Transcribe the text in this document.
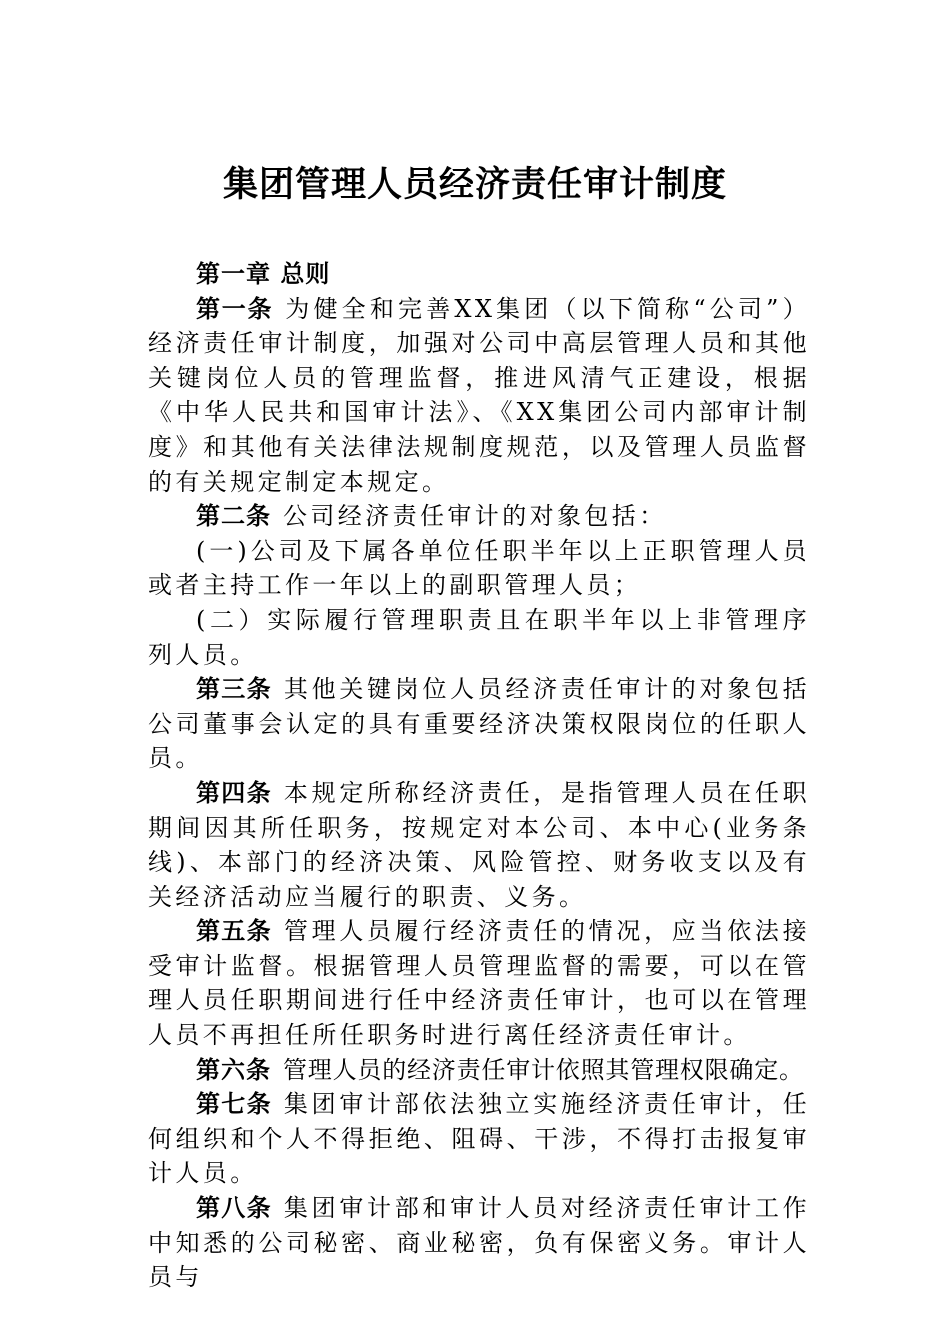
集团管理人员经济责任审计制度

第一章 总则

第一条 为健全和完善XX集团（以下简称“公司”）经济责任审计制度，加强对公司中高层管理人员和其他关键岗位人员的管理监督，推进风清气正建设，根据《中华人民共和国审计法》、《XX集团公司内部审计制度》和其他有关法律法规制度规范，以及管理人员监督的有关规定制定本规定。

第二条 公司经济责任审计的对象包括：

(一)公司及下属各单位任职半年以上正职管理人员或者主持工作一年以上的副职管理人员；

(二）实际履行管理职责且在职半年以上非管理序列人员。

第三条 其他关键岗位人员经济责任审计的对象包括公司董事会认定的具有重要经济决策权限岗位的任职人员。

第四条 本规定所称经济责任，是指管理人员在任职期间因其所任职务，按规定对本公司、本中心(业务条线)、本部门的经济决策、风险管控、财务收支以及有关经济活动应当履行的职责、义务。

第五条 管理人员履行经济责任的情况，应当依法接受审计监督。根据管理人员管理监督的需要，可以在管理人员任职期间进行任中经济责任审计，也可以在管理人员不再担任所任职务时进行离任经济责任审计。

第六条 管理人员的经济责任审计依照其管理权限确定。

第七条 集团审计部依法独立实施经济责任审计，任何组织和个人不得拒绝、阻碍、干涉，不得打击报复审计人员。

第八条 集团审计部和审计人员对经济责任审计工作中知悉的公司秘密、商业秘密，负有保密义务。审计人员与
